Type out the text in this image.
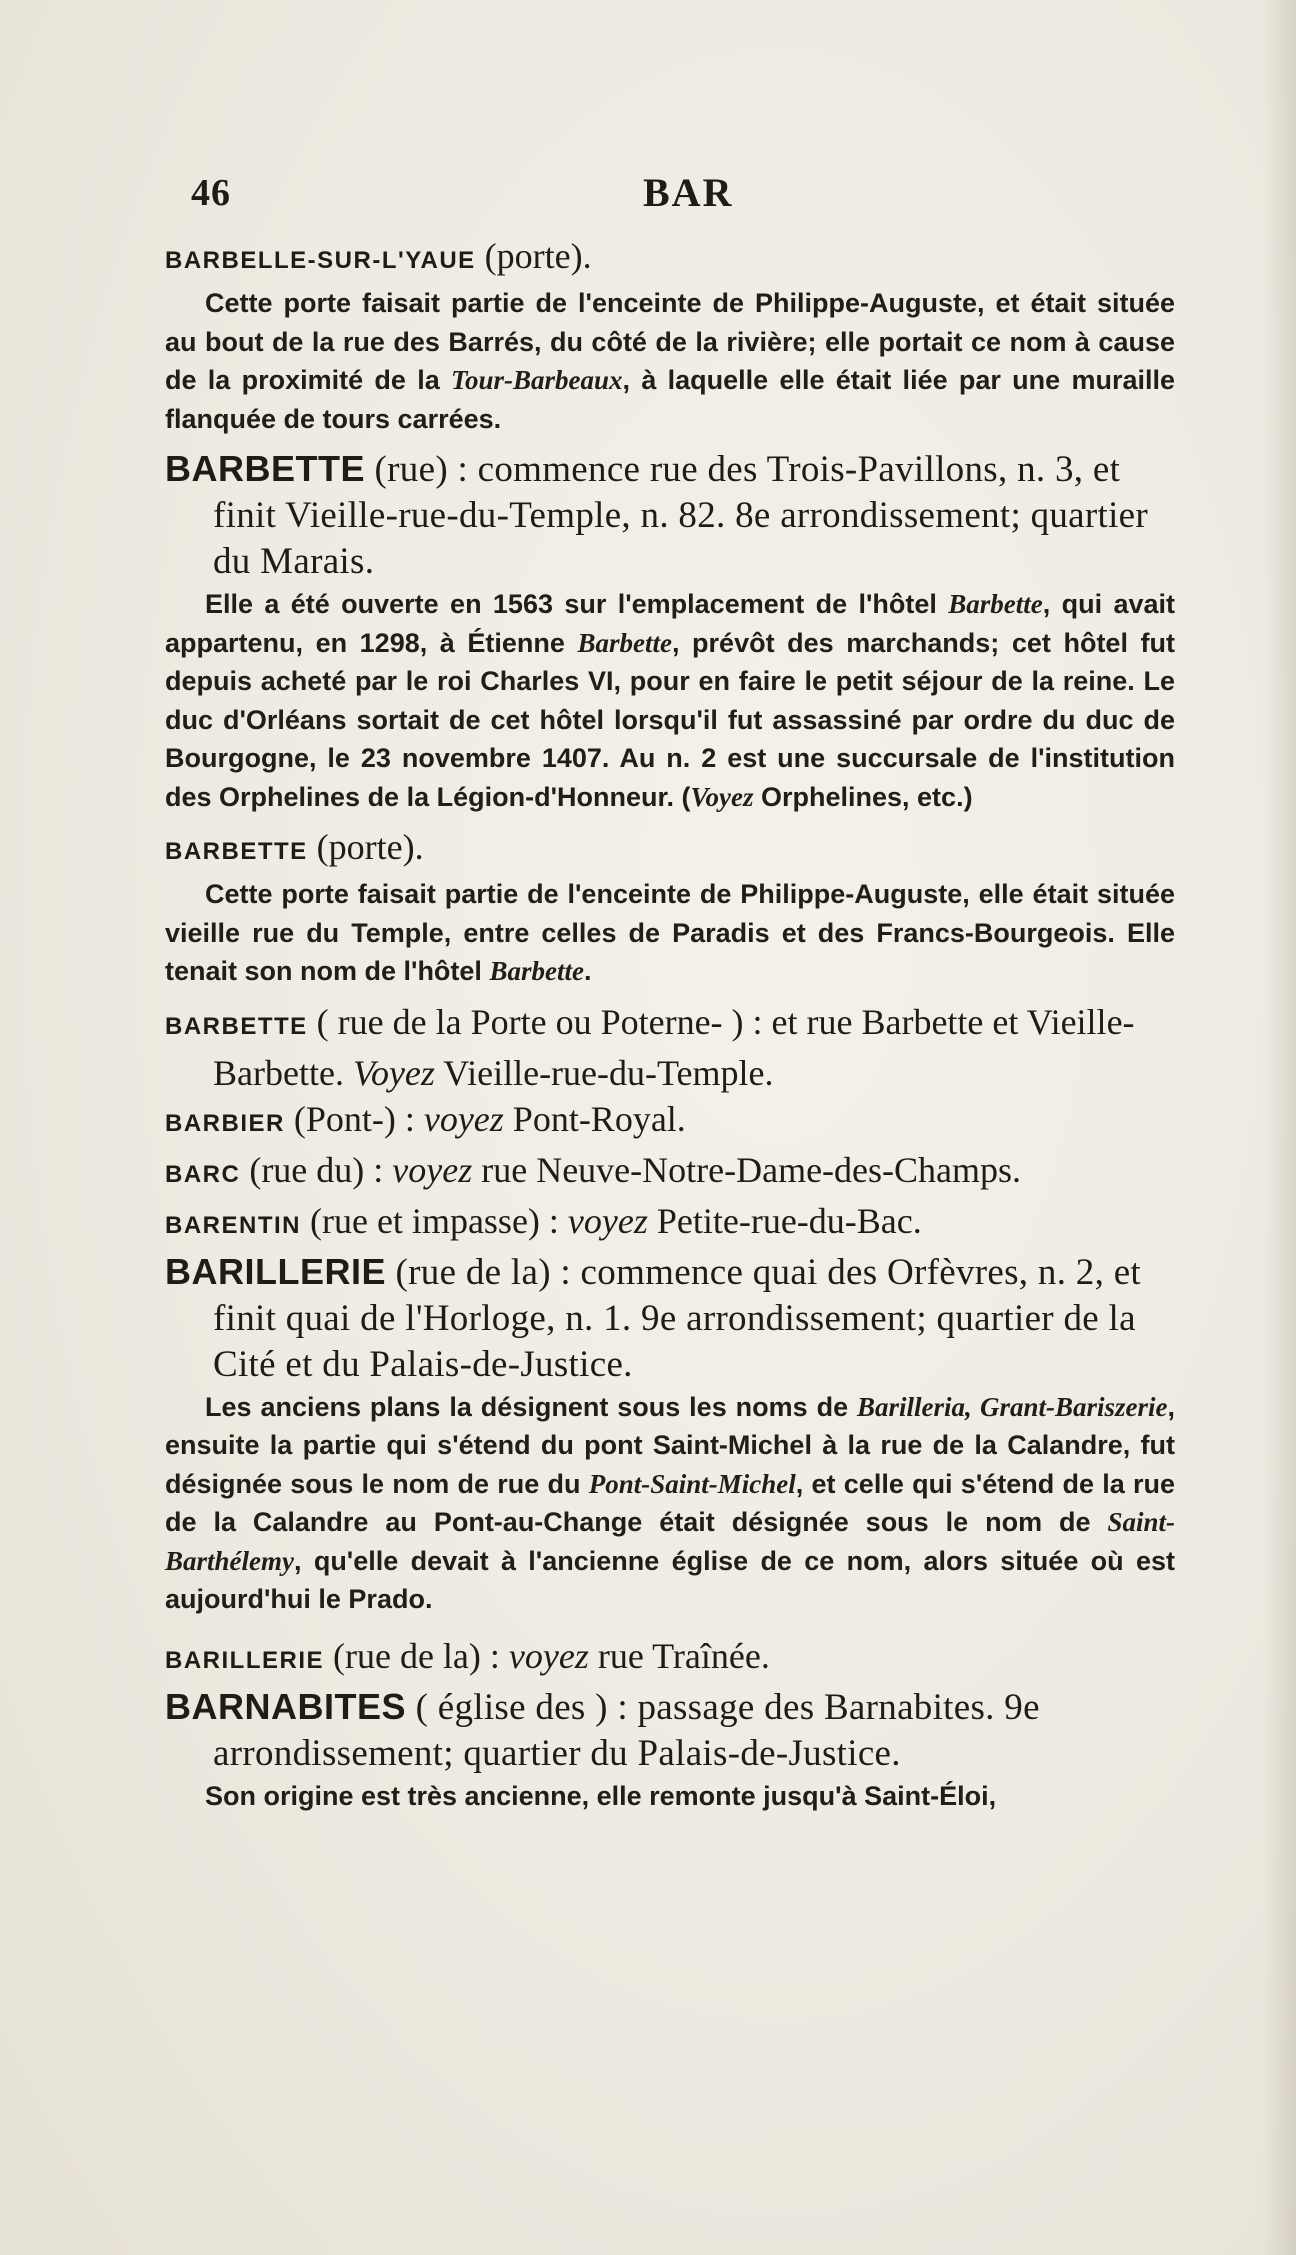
46	BAR

BARBELLE-SUR-L'YAUE (porte).

Cette porte faisait partie de l'enceinte de Philippe-Auguste, et était située au bout de la rue des Barrés, du côté de la rivière; elle portait ce nom à cause de la proximité de la Tour-Barbeaux, à laquelle elle était liée par une muraille flanquée de tours carrées.

BARBETTE (rue) : commence rue des Trois-Pavillons, n. 3, et finit Vieille-rue-du-Temple, n. 82. 8e arrondissement; quartier du Marais.

Elle a été ouverte en 1563 sur l'emplacement de l'hôtel Barbette, qui avait appartenu, en 1298, à Étienne Barbette, prévôt des marchands; cet hôtel fut depuis acheté par le roi Charles VI, pour en faire le petit séjour de la reine. Le duc d'Orléans sortait de cet hôtel lorsqu'il fut assassiné par ordre du duc de Bourgogne, le 23 novembre 1407. Au n. 2 est une succursale de l'institution des Orphelines de la Légion-d'Honneur. (Voyez Orphelines, etc.)

BARBETTE (porte).

Cette porte faisait partie de l'enceinte de Philippe-Auguste, elle était située vieille rue du Temple, entre celles de Paradis et des Francs-Bourgeois. Elle tenait son nom de l'hôtel Barbette.

BARBETTE ( rue de la Porte ou Poterne- ) : et rue Barbette et Vieille-Barbette. Voyez Vieille-rue-du-Temple.

BARBIER (Pont-) : voyez Pont-Royal.

BARC (rue du) : voyez rue Neuve-Notre-Dame-des-Champs.

BARENTIN (rue et impasse) : voyez Petite-rue-du-Bac.

BARILLERIE (rue de la) : commence quai des Orfèvres, n. 2, et finit quai de l'Horloge, n. 1. 9e arrondissement; quartier de la Cité et du Palais-de-Justice.

Les anciens plans la désignent sous les noms de Barilleria, Grant-Bariszerie, ensuite la partie qui s'étend du pont Saint-Michel à la rue de la Calandre, fut désignée sous le nom de rue du Pont-Saint-Michel, et celle qui s'étend de la rue de la Calandre au Pont-au-Change était désignée sous le nom de Saint-Barthélemy, qu'elle devait à l'ancienne église de ce nom, alors située où est aujourd'hui le Prado.

BARILLERIE (rue de la) : voyez rue Traînée.

BARNABITES ( église des ) : passage des Barnabites. 9e arrondissement; quartier du Palais-de-Justice.

Son origine est très ancienne, elle remonte jusqu'à Saint-Éloi,
